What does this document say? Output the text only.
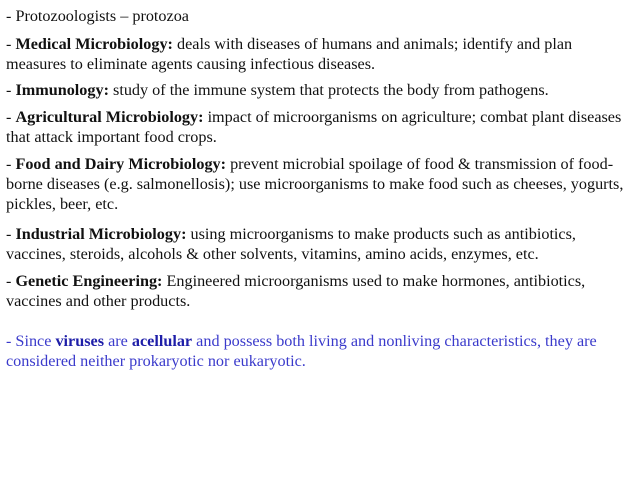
- Protozoologists – protozoa

- Medical Microbiology: deals with diseases of humans and animals; identify and plan measures to eliminate agents causing infectious diseases.

- Immunology: study of the immune system that protects the body from pathogens.

- Agricultural Microbiology: impact of microorganisms on agriculture; combat plant diseases that attack important food crops.

- Food and Dairy Microbiology: prevent microbial spoilage of food & transmission of food-borne diseases (e.g. salmonellosis); use microorganisms to make food such as cheeses, yogurts, pickles, beer, etc.

- Industrial Microbiology: using microorganisms to make products such as antibiotics, vaccines, steroids, alcohols & other solvents, vitamins, amino acids, enzymes, etc.

- Genetic Engineering: Engineered microorganisms used to make hormones, antibiotics, vaccines and other products.

- Since viruses are acellular and possess both living and nonliving characteristics, they are considered neither prokaryotic nor eukaryotic.
